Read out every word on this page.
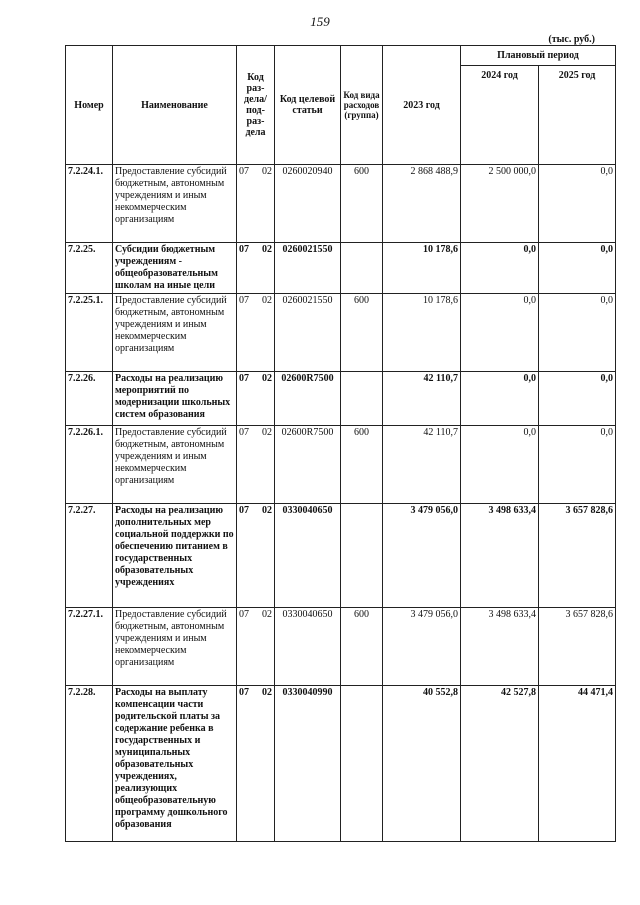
159
(тыс. руб.)
Номер	Наименование	Код раз-дела/ под-раз-дела	Код целевой статьи	Код вида расходов (группа)	2023 год	Плановый период	
						2024 год	2025 год
7.2.24.1.	Предоставление субсидий бюджетным, автономным учреждениям и иным некоммерческим организациям	07 02	0260020940	600	2 868 488,9	2 500 000,0	0,0
7.2.25.	Субсидии бюджетным учреждениям - общеобразовательным школам на иные цели	07 02	0260021550		10 178,6	0,0	0,0
7.2.25.1.	Предоставление субсидий бюджетным, автономным учреждениям и иным некоммерческим организациям	07 02	0260021550	600	10 178,6	0,0	0,0
7.2.26.	Расходы на реализацию мероприятий по модернизации школьных систем образования	07 02	02600R7500		42 110,7	0,0	0,0
7.2.26.1.	Предоставление субсидий бюджетным, автономным учреждениям и иным некоммерческим организациям	07 02	02600R7500	600	42 110,7	0,0	0,0
7.2.27.	Расходы на реализацию дополнительных мер социальной поддержки по обеспечению питанием в государственных образовательных учреждениях	07 02	0330040650		3 479 056,0	3 498 633,4	3 657 828,6
7.2.27.1.	Предоставление субсидий бюджетным, автономным учреждениям и иным некоммерческим организациям	07 02	0330040650	600	3 479 056,0	3 498 633,4	3 657 828,6
7.2.28.	Расходы на выплату компенсации части родительской платы за содержание ребенка в государственных и муниципальных образовательных учреждениях, реализующих общеобразовательную программу дошкольного образования	07 02	0330040990		40 552,8	42 527,8	44 471,4
